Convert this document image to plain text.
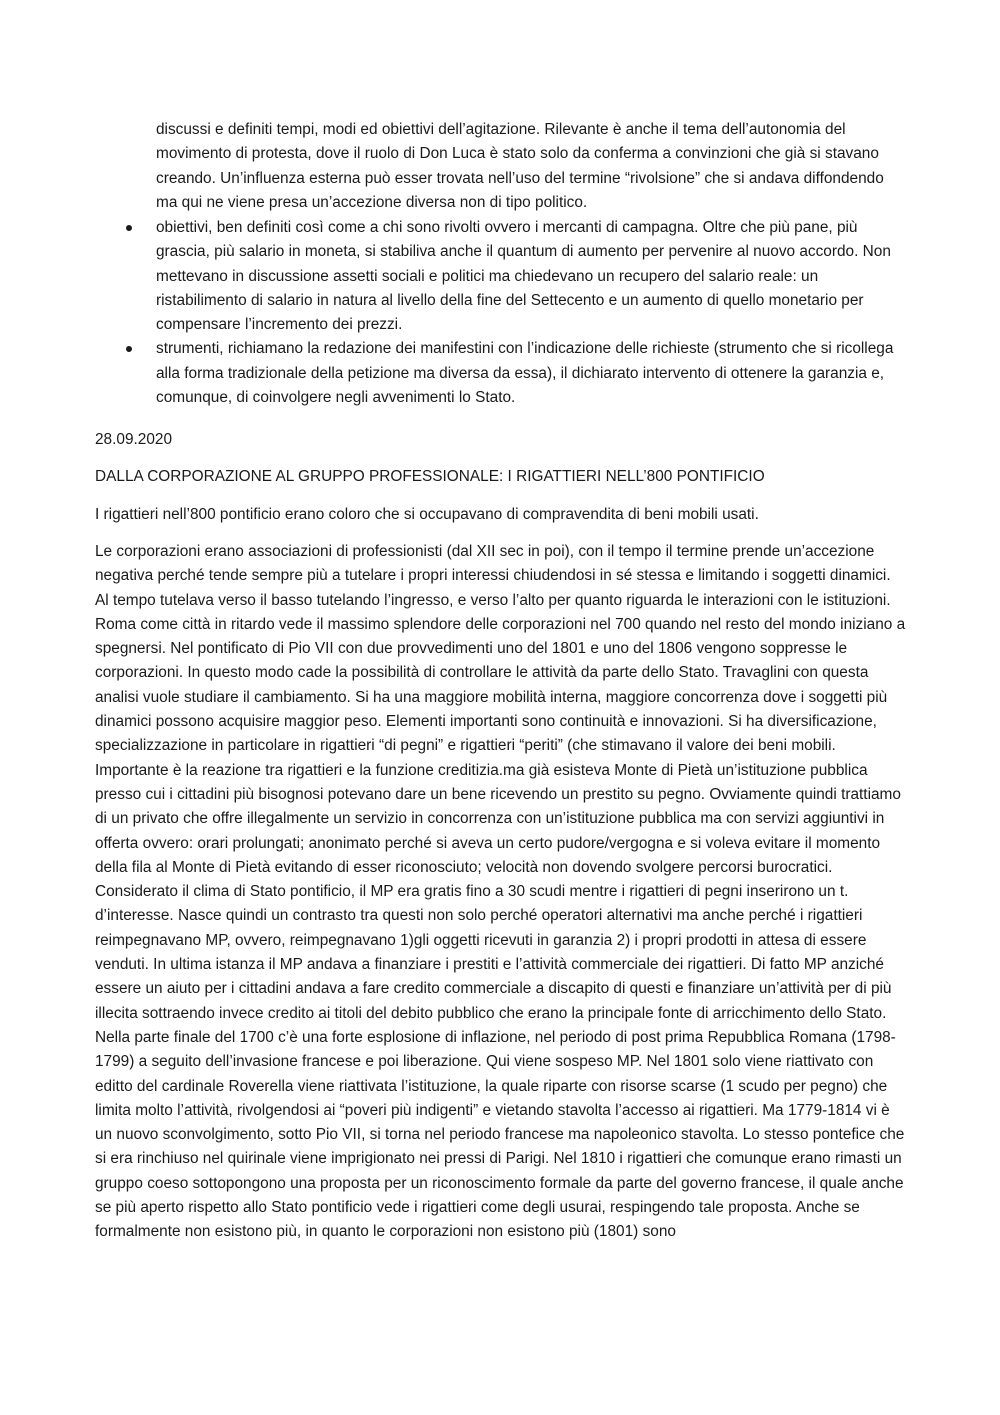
discussi e definiti tempi, modi ed obiettivi dell’agitazione. Rilevante è anche il tema dell’autonomia del movimento di protesta, dove il ruolo di Don Luca è stato solo da conferma a convinzioni che già si stavano creando. Un’influenza esterna può esser trovata nell’uso del termine “rivolsione” che si andava diffondendo ma qui ne viene presa un’accezione diversa non di tipo politico.

obiettivi, ben definiti così come a chi sono rivolti ovvero i mercanti di campagna. Oltre che più pane, più grascia, più salario in moneta, si stabiliva anche il quantum di aumento per pervenire al nuovo accordo. Non mettevano in discussione assetti sociali e politici ma chiedevano un recupero del salario reale: un ristabilimento di salario in natura al livello della fine del Settecento e un aumento di quello monetario per compensare l’incremento dei prezzi.
strumenti, richiamano la redazione dei manifestini con l’indicazione delle richieste (strumento che si ricollega alla forma tradizionale della petizione ma diversa da essa), il dichiarato intervento di ottenere la garanzia e, comunque, di coinvolgere negli avvenimenti lo Stato.

28.09.2020

DALLA CORPORAZIONE AL GRUPPO PROFESSIONALE: I RIGATTIERI NELL’800 PONTIFICIO

I rigattieri nell’800 pontificio erano coloro che si occupavano di compravendita di beni mobili usati.

Le corporazioni erano associazioni di professionisti (dal XII sec in poi), con il tempo il termine prende un’accezione negativa perché tende sempre più a tutelare i propri interessi chiudendosi in sé stessa e limitando i soggetti dinamici. Al tempo tutelava verso il basso tutelando l’ingresso, e verso l’alto per quanto riguarda le interazioni con le istituzioni. Roma come città in ritardo vede il massimo splendore delle corporazioni nel 700 quando nel resto del mondo iniziano a spegnersi. Nel pontificato di Pio VII con due provvedimenti uno del 1801 e uno del 1806 vengono soppresse le corporazioni. In questo modo cade la possibilità di controllare le attività da parte dello Stato. Travaglini con questa analisi vuole studiare il cambiamento. Si ha una maggiore mobilità interna, maggiore concorrenza dove i soggetti più dinamici possono acquisire maggior peso. Elementi importanti sono continuità e innovazioni. Si ha diversificazione, specializzazione in particolare in rigattieri “di pegni” e rigattieri “periti” (che stimavano il valore dei beni mobili. Importante è la reazione tra rigattieri e la funzione creditizia.ma già esisteva Monte di Pietà un’istituzione pubblica presso cui i cittadini più bisognosi potevano dare un bene ricevendo un prestito su pegno. Ovviamente quindi trattiamo di un privato che offre illegalmente un servizio in concorrenza con un’istituzione pubblica ma con servizi aggiuntivi in offerta ovvero: orari prolungati; anonimato perché si aveva un certo pudore/vergogna e si voleva evitare il momento della fila al Monte di Pietà evitando di esser riconosciuto; velocità non dovendo svolgere percorsi burocratici. Considerato il clima di Stato pontificio, il MP era gratis fino a 30 scudi mentre i rigattieri di pegni inserirono un t. d’interesse. Nasce quindi un contrasto tra questi non solo perché operatori alternativi ma anche perché i rigattieri reimpegnavano MP, ovvero, reimpegnavano 1)gli oggetti ricevuti in garanzia 2) i propri prodotti in attesa di essere venduti. In ultima istanza il MP andava a finanziare i prestiti e l’attività commerciale dei rigattieri. Di fatto MP anziché essere un aiuto per i cittadini andava a fare credito commerciale a discapito di questi e finanziare un’attività per di più illecita sottraendo invece credito ai titoli del debito pubblico che erano la principale fonte di arricchimento dello Stato. Nella parte finale del 1700 c’è una forte esplosione di inflazione, nel periodo di post prima Repubblica Romana (1798-1799) a seguito dell’invasione francese e poi liberazione. Qui viene sospeso MP. Nel 1801 solo viene riattivato con editto del cardinale Roverella viene riattivata l’istituzione, la quale riparte con risorse scarse (1 scudo per pegno) che limita molto l’attività, rivolgendosi ai “poveri più indigenti” e vietando stavolta l’accesso ai rigattieri. Ma 1779-1814 vi è un nuovo sconvolgimento, sotto Pio VII, si torna nel periodo francese ma napoleonico stavolta. Lo stesso pontefice che si era rinchiuso nel quirinale viene imprigionato nei pressi di Parigi. Nel 1810 i rigattieri che comunque erano rimasti un gruppo coeso sottopongono una proposta per un riconoscimento formale da parte del governo francese, il quale anche se più aperto rispetto allo Stato pontificio vede i rigattieri come degli usurai, respingendo tale proposta. Anche se formalmente non esistono più, in quanto le corporazioni non esistono più (1801) sono
